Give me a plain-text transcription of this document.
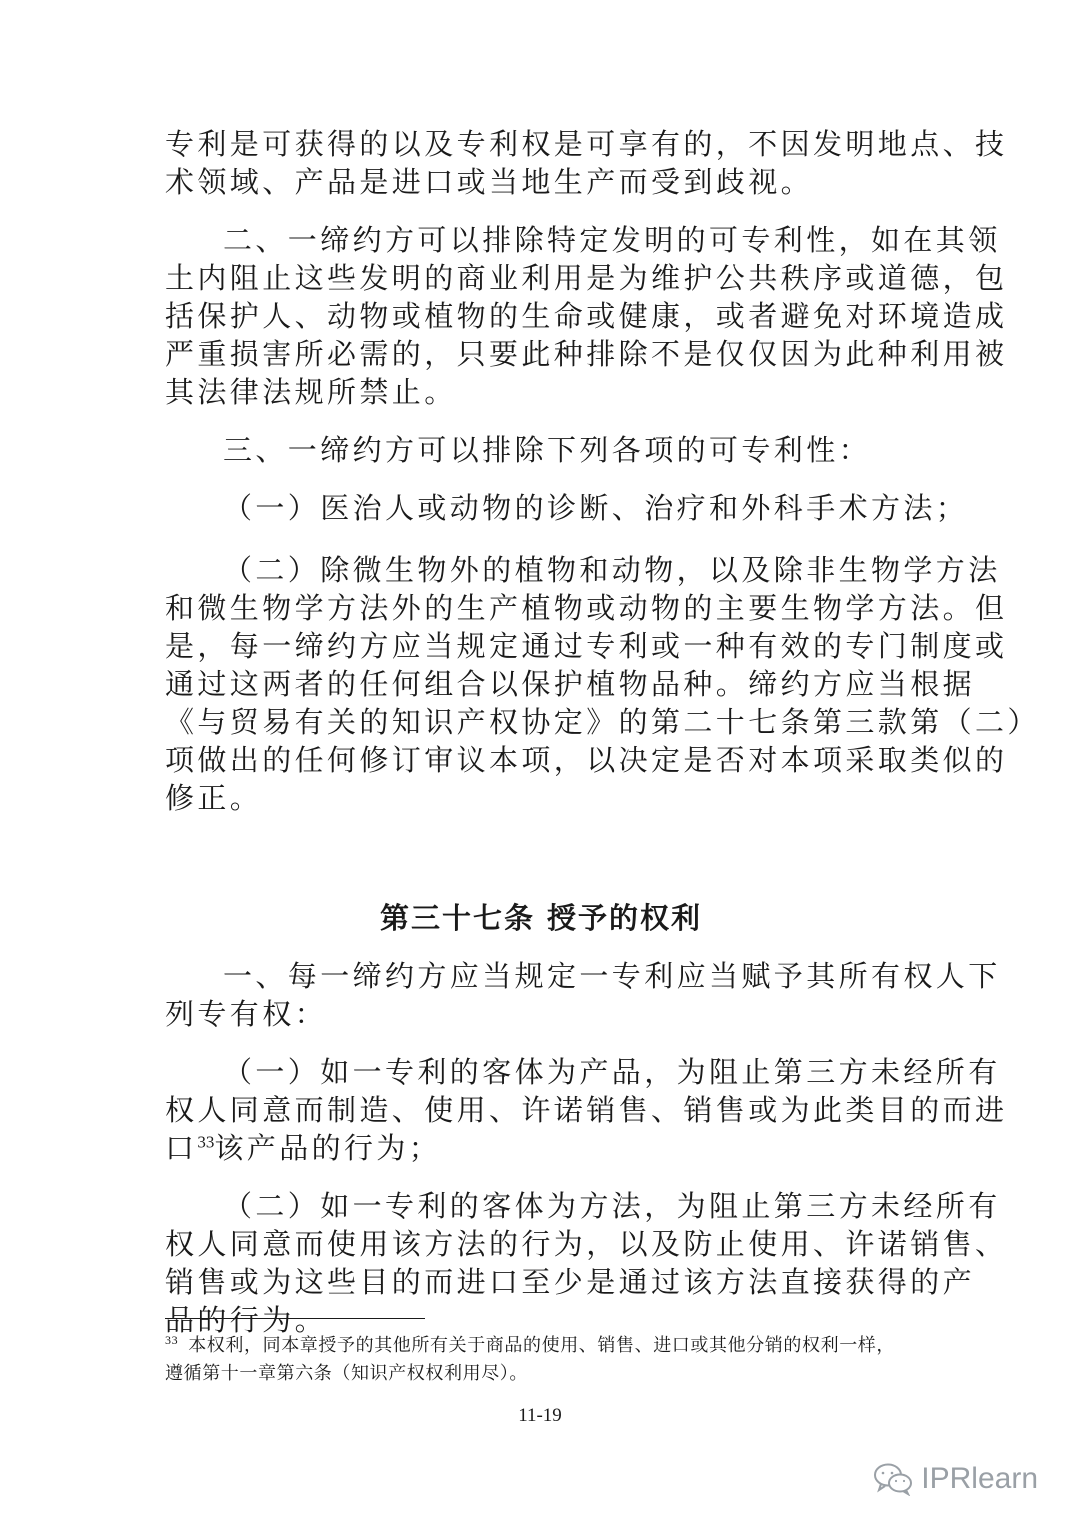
专利是可获得的以及专利权是可享有的，不因发明地点、技
术领域、产品是进口或当地生产而受到歧视。

二、一缔约方可以排除特定发明的可专利性，如在其领
土内阻止这些发明的商业利用是为维护公共秩序或道德，包
括保护人、动物或植物的生命或健康，或者避免对环境造成
严重损害所必需的，只要此种排除不是仅仅因为此种利用被
其法律法规所禁止。

三、一缔约方可以排除下列各项的可专利性：

（一）医治人或动物的诊断、治疗和外科手术方法；

（二）除微生物外的植物和动物，以及除非生物学方法
和微生物学方法外的生产植物或动物的主要生物学方法。但
是，每一缔约方应当规定通过专利或一种有效的专门制度或
通过这两者的任何组合以保护植物品种。缔约方应当根据
《与贸易有关的知识产权协定》的第二十七条第三款第（二）
项做出的任何修订审议本项，以决定是否对本项采取类似的
修正。

第三十七条 授予的权利

一、每一缔约方应当规定一专利应当赋予其所有权人下
列专有权：

（一）如一专利的客体为产品，为阻止第三方未经所有
权人同意而制造、使用、许诺销售、销售或为此类目的而进
口$^{33}$该产品的行为；

（二）如一专利的客体为方法，为阻止第三方未经所有
权人同意而使用该方法的行为，以及防止使用、许诺销售、
销售或为这些目的而进口至少是通过该方法直接获得的产
品的行为。

$^{33}$ 本权利，同本章授予的其他所有关于商品的使用、销售、进口或其他分销的权利一样，
遵循第十一章第六条（知识产权权利用尽）。
11-19
IPRlearn
